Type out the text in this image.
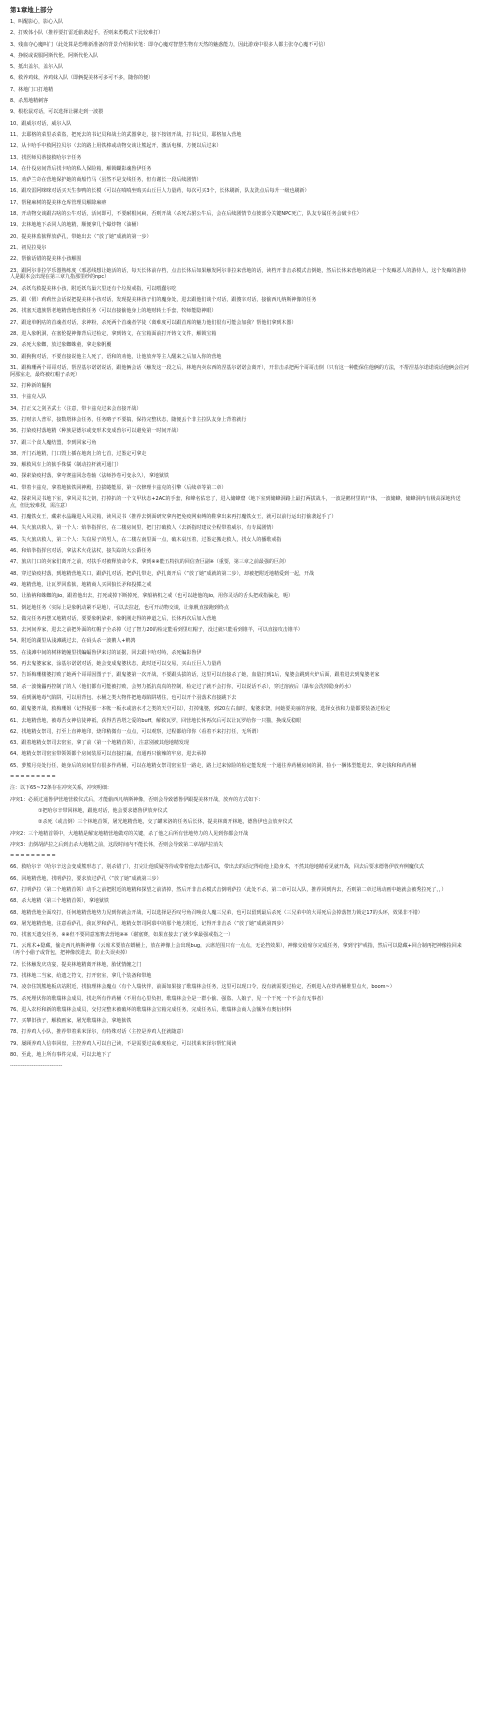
第1章地上部分
1、叫醒影心，影心入队
2、打败体小队（推荐要打雷近偷袭起手，否则来勇模式下比较难打）
3、残血夺心魔叫门（此处算是恐唯新准备的背景介绍和伏笔：即夺心魔对智慧生物有天然的魅惑能力，因此游戏中很多人都主张夺心魔不可信）
4、挣脱或说服阿斯代伦，阿斯代伦入队
5、抵出盖尔，盖尔入队
6、救养鸡妹，养鸡妹入队（即俩提美林可多可不多，随你的便）
7、林地门口打地精
8、杀黑地精刺客
9、根松鼠对话，可以选择让骡走到一波猥
10、跟威尔对话，威尔入队
11、去耶格的菜里杀菜盗，把死去的书记员和战士的武器拿走，接下按钮开战，打书记员，耶格加入营地
12、从卡哈手中救阿拉贝尔（去的路上用铁棒或动物交谈让熊起开，激活电梯，方便以后过来）
13、找医师贝蒂接救哈尔辛任务
14、在什役房间背后找卡哈的私人保险箱，解锁蝴影魂鲁伊任务
15、劝萨兰奇在营地保护她的商船竹马（虽然不是支线任务，但有谢长一段后续剧情）
16、跟攻雷阿咪咪对话买天生参鸭的长模（可以在嗔嗔坐购买山丘巨人力量药，每次可买3个，长休刷新，队友洗点后每升一级也刷新）
17、帮秘麻树的提美林仓库管理员解除麻痹
18、开动物交谈跟古啥的公牛对话，活问即可，不要耐根问扁，否则开战（杀死古驸公牛后，会在后续剧情节点彼部分关键NPC死亡，队友专属任务会破卡住）
19、去林地地下杀同人的地精，顺便拿几个爆炸物（油桶）
20、提美林监狱释放萨孔，带她出去（“放了她”成就的第一步）
21、初见拉曼尔
22、帮偷话错的提美林小孩解围
23、跟阿尔菲拉学乐器熟练度（邪恶线想让她活的话，每天长休前存档，点击长休后如果触发阿尔菲拉来营地的话，读档开非击杀模式击倒她，然后长休来营地的就是一个发癫恶人的游侍人，这个发癫的游侍人是跟本会出现在第三章九指那里纱的npc）
24、杀妖鸟救提美林小孩，附近妖鸟巢穴里还有个垃圾戒指，可以喂蠢尔吃
25、跟（假）莉莉丝会话说把提美林小孩对话，发现提美林孩子们的魔身处，进去跟他们谈个对话，跟傻宰对话，接偷西凡纳斯神像的任务
26、找塞天遗族帮老地精营地营救任务（可以直接偷他身上的地财转土手套，牧师能隐神眼）
27、跟途单帆咕的首魂者对话，求神粉，杀死两个首魂者学徒（离难度可以跟首席的魅力他们很有可能会加我？帮他们拿到木器）
28、进入象帆洞，在塞伦提神像背后过检定，拿到铸文，在宝箱面前打开铸文文件，解锁宝箱
29、杀死大象蜘，放过象蜘蛛童，拿走象帆覆
30、跟狗狗对话，不要直接说他主人死了，语和的劝他，让他放弃等主人醒来之后加入你的营地
31、跟梅珊两个哥哥对话，帮涅基尔诺诺说话，跟他俩会话（触发这一段之后，林地内卖东西的涅基尔诺诺会离开），开非击杀把两个哥哥击倒（只有这一种能保住他俩的方法，不帮涅基尔诺诺说话他俩会往河阿那室走，最终被红帽子杀死）
32、打种新的鬣狗
33、卡兹克入队
34、打正义之剑圣武士（注意，带卡兹克过来会直接开战）
35、打财亲人普军，接数塔林会任务，任务略子不要搞，保持完整状态，随便丢个非主拉队友身上背着就行
36、打染疫村落地精（种族是德尔或变形术变成兽尔可以避免第一时间开战）
37、跟三个食人魔结盟，李到回家弓角
38、开门石地精，门口毁上插在地肉上的七首，过鉴定可拿走
39、解救风车上的狱手侏儒（制动拉杆就可通门）
40、探索染疫村落，拿夸赛兹回念卷轴（法师抄卷可变永久），拿地狱铁
41、带着卡兹克，拿着地狱铁回神殿，拉拔蜷能原，第一次修理卡兹克的引擎（后续章等第二章）
42、探索风灵书地下室，拿风灵书之钥，打掉扒的一个文甲状态+2AC的手套，和峰名佑忠了，进入储蜂窟（地下室到储蜂洞路上最打两拔战斗，一波是鹅材里的尸体，一波储蜂，储蜂洞内有极高深地传送点，但比较难找，需注意）
43、打魔铁女王，藏索水晶蹦进入风灵箱，读风灵书（推荐去倒面研究拿内把免疫网束缚的鞋拿出来再打魔铁女王，就可以前行运出打偷袭起手了）
44、失火旅店救人，第一个人：焰拳指挥官，在二楼房间里，把门打破救人（去新指时建议全程带着威尔，有专属剧情）
45、失火旅店救人，第二个人：失窃屋子的男人，在二楼左南里面一点，破木桌压着，过鉴定搬走救人，找女人的播歌戒指
46、和焰拳指挥官对话，拿法术火花法杖，接失踪的大公爵任务
47、旅店门口的卖家们离开之前，对扶手对被释放命令术，拿到※※能五特抗的回信查巨副※（重要，第三章之前最强的巨剑）
48、穿过染疫村落，到地精营地关口，跟萨扎对话，把萨扎带走，萨扎离开后（“放了她”成就的第二步），却被把附近地精爱到一起，开战
49、地精营地，让瓦罗回监狱，地精商人买回狼长矛和投掷之戒
50、让胎衲和蛛蜘的jio，跟着他出去，打死或掉下断掉死，拿船衲机之戒（也可以趁他的jio，用你灵话的舌头把戒指骗走，呃）
51、倒赶地任务（实际上是象帆动紧不是地），可以去拉赶，也可开动物交谈，让象帆直接跑到终点
52、做完任务再摆又地精对话，要要象帆染索，象帆刚走得的神道之后，长休再次后加入营地
53、去河间养家，进去之前把外面的红帽子全杀掉（过了智力20的检定能看到里红帽子，没过就只能看到锥羊，可以直接攻击锥羊）
54、附近的湖里从浅滩跳过去，在码头杀一波鹅人+鹌鹑
55、在浅滩中间的树林链幢里找蝙蝠鲁伊来讨的证据，回去跟卡哈对峙，杀死蝙影鲁伊
56、再去鬼婆家家，涂基尔诺诺对话，她会变成鬼婆状态，此时还可以交易，买山丘巨人力量药
57、告诉梅珊楼婆打败了她两个哥哥因图子于，跟鬼婆第一次开战，不要跟头拔的话，这里可以直接杀了她，血量打到1后，鬼婆会跳到火炉后面，跟着进去到鬼婆老家
58、杀一波傀儡再控制了的人（他们都有可能被打败，会努力抵抗真真的控制，检定过了就不会打你，可以说话不杀），穿过溶液后（瀑布会洗掉隐身药水）
59、看到满地毒气陷阱，可以用背包、水桶之类大物件把地毒陷阱堵住，也可以开个羽落术直接跳下去
60、跟鬼婆开战，救梅珊姐（记得捉那一本帐一板水或溶水才之类的天空可以），打掉鬼婆，到20左右血时，鬼婆求饶，问她要美丽的容貌，选择女孩和力量都要装备过检定
61、去地精营地，被毒苦女神信徒神祗，获得苦苔塔之爱的buff，解救瓦罗，回营地长休再次后可以让瓦罗给你一只猫，换成反稳眼
62、找地精女祭司，打至上直神地印，烧印稍微有一点点，可以观察，过程都给印你（看着不来打打任，无所谓）
63、跟着地精女祭司去密室，拿了前（第一个地精首领），注意别被其他地精发现
64、地精女祭司密室带领领都个房间装原可以直接打赢，直通再只偷辣的牢房，进去承掉
65、萝熊月亮处行任，她身后的房间里有很多作药桶，可以在地精女祭司密室里一路走，路上过来惊险的检定能发现一个通往养药桶房间的洞，捡小一捆体型能进去，拿走钱和和药药桶
=========
注：以下65~72条存在冲突关系，冲突明细：
冲突1：必须过通鲁伊营地营救仪式后，才能偷西凡纳斯神像，否则会导致德鲁伊跟提美林开战，放弃的方式如下：
①把哈尔辛带回林地，跟他对话，他会要求德鲁伊放弃仪式
②杀死（或击倒）三个林地首领，屠光地精营地，交了罐米洛的任务后长休，提美林离开林地，德鲁伊也会放弃仪式
冲突2：三个地精首领中，大地精是解宠地精营地做对的关键，杀了他之后所有营地势力的人见到你都会开战
冲突3：击倒胡萨拉之后到击杀大地精之前，这段时间内不能长休，否则会导致第二章胡萨拉消失
=========
66、救哈尔辛（哈尔辛这会变成熊形态了，别杀错了），打完让他质疑等待或带着他去击都可以，带出去的话记得给他上隐身术，不然其他地精看见就开战，回去后要求德鲁伊放弃例魔仪式
66、回地精营地，找明萨拉，要求放过萨孔（“放了她”成就第三步）
67、打明萨拉（第二个地精首领）动手之前把附近的地精和探望之前清掉，然后开非击杀模式击倒明萨拉（此处不杀，第二章可以入队，推荐回到内去，否则第二章过场动画中她就会被秀拉死了，，）
68、杀大地精（第三个地精首领），拿地狱铁
68、地精营地全面攻打，任何地精营地势力见到你就会开战，可以选择是否叹号角召唤食人魔三兄弟，也可以留到最后杀死（三兄弟中的大哥死后会掉落智力锁定17的头环，效果非不错）
69、屠光地精营地，注意看萨孔，我瓦罗和萨孔，地精女祭司阿慕中的那个地方附近，记得开非击杀（“放了她”成就第四步）
70、找塞天遗交任务，※※但不要同意塞赛去营地※※（谢塞赛，如果直接去了就少拿最强戒指之一）
71、云席术+隐藏，偷走西凡纳斯神像（云席术要放在蟒桶上，放在神像上会出现bug，云席范围只有一点点，无论挡效果），神像交给席尔完成任务，拿到守护戒指，然后可以隐藏+回合制再把神像捡回来（再个小偷子或背包，把神像放进去，防止失误卖掉）
72、长休触发庆功宴，提美林地精离开林地，胎忧情缠之门
73、找林地二当家，给遗之符文，打开密室，拿几个装备和带地
74、凌奈住凯熊地板店站附近，找狼理林会魔点（有个人瑞伙伴，前面如果接了歌瑞林会任务，这里可以现口令，没有就需要过检定，否则进入在炸药桶堆里点火，boom~）
75、杀死埋伏你的歌瑞林会成员，找走所有作药桶（不用有心里负担，歌瑞林会全是一群小偷、强盗、人娘子，见一个干死一个不会有无事者）
76、进入农杉和新的歌瑞林会成员，交付完整未被破坏的歌瑞林会宝箱完成任务，完成任务后，歌瑞林会商人会额外有奥衍材料
77、买攀旧孩子，解救画家，屠光歌瑞林会，拿地狱铁
78、打养鸡人小队，推荐带着莱米泽尔，有特殊对话（主控是养鸡人狂就随意）
79、屡顾养鸡人信奉回盘，主控养鸡人可以自己读，不是需要过高难度检定，可以找莱米泽尔帮忙阅读
80、至此，地上所有事件完成，可以去地下了
-----------------------------
